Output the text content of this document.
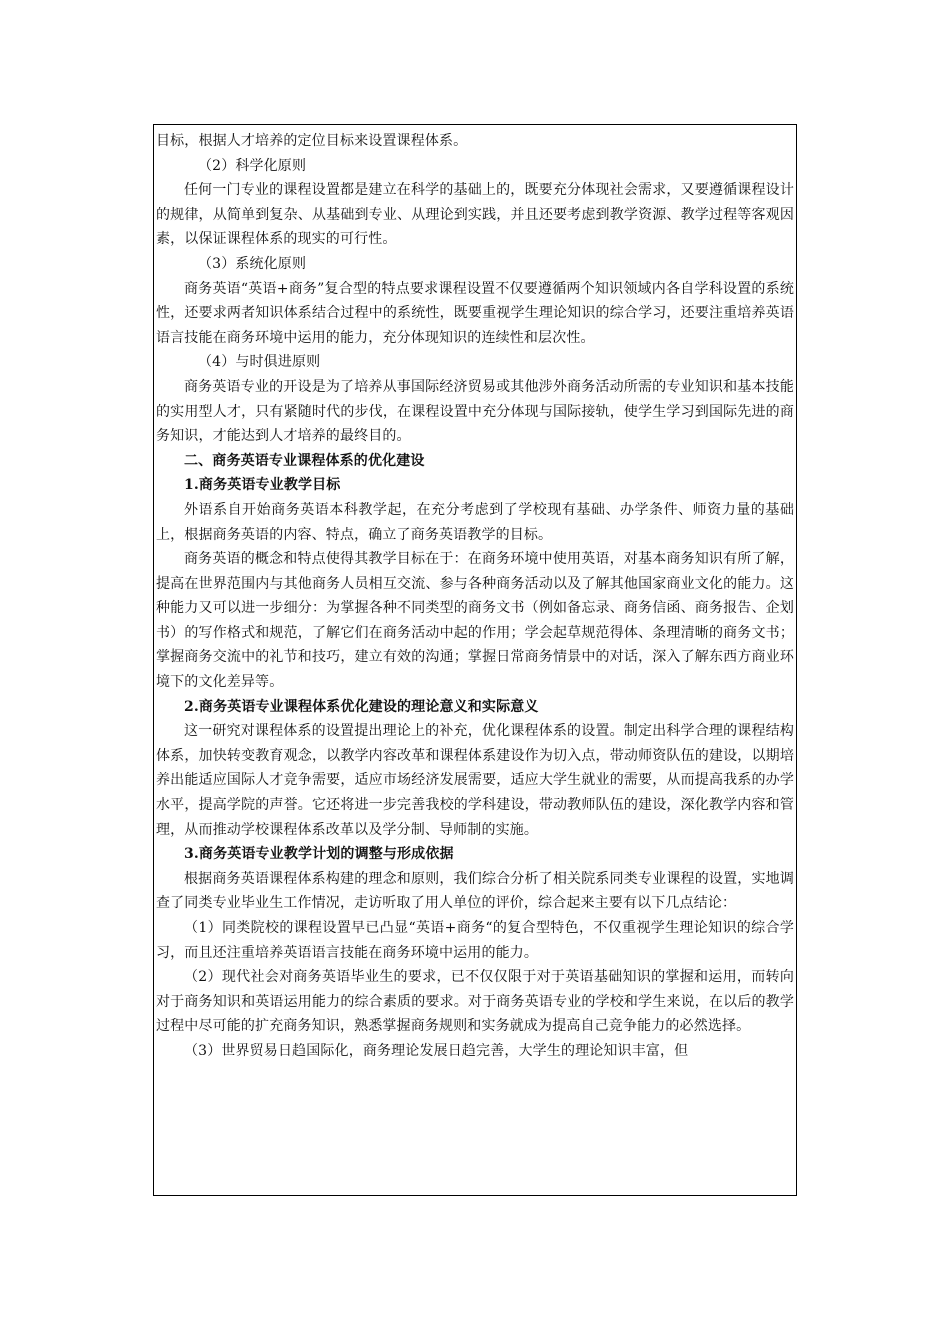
目标，根据人才培养的定位目标来设置课程体系。

（2）科学化原则

任何一门专业的课程设置都是建立在科学的基础上的，既要充分体现社会需求，又要遵循课程设计的规律，从简单到复杂、从基础到专业、从理论到实践，并且还要考虑到教学资源、教学过程等客观因素，以保证课程体系的现实的可行性。

（3）系统化原则

商务英语“英语+商务”复合型的特点要求课程设置不仅要遵循两个知识领域内各自学科设置的系统性，还要求两者知识体系结合过程中的系统性，既要重视学生理论知识的综合学习，还要注重培养英语语言技能在商务环境中运用的能力，充分体现知识的连续性和层次性。

（4）与时俱进原则

商务英语专业的开设是为了培养从事国际经济贸易或其他涉外商务活动所需的专业知识和基本技能的实用型人才，只有紧随时代的步伐，在课程设置中充分体现与国际接轨，使学生学习到国际先进的商务知识，才能达到人才培养的最终目的。

二、商务英语专业课程体系的优化建设

1.商务英语专业教学目标

外语系自开始商务英语本科教学起，在充分考虑到了学校现有基础、办学条件、师资力量的基础上，根据商务英语的内容、特点，确立了商务英语教学的目标。

商务英语的概念和特点使得其教学目标在于：在商务环境中使用英语，对基本商务知识有所了解，提高在世界范围内与其他商务人员相互交流、参与各种商务活动以及了解其他国家商业文化的能力。这种能力又可以进一步细分：为掌握各种不同类型的商务文书（例如备忘录、商务信函、商务报告、企划书）的写作格式和规范，了解它们在商务活动中起的作用；学会起草规范得体、条理清晰的商务文书；掌握商务交流中的礼节和技巧，建立有效的沟通；掌握日常商务情景中的对话，深入了解东西方商业环境下的文化差异等。

2.商务英语专业课程体系优化建设的理论意义和实际意义

这一研究对课程体系的设置提出理论上的补充，优化课程体系的设置。制定出科学合理的课程结构体系，加快转变教育观念，以教学内容改革和课程体系建设作为切入点，带动师资队伍的建设，以期培养出能适应国际人才竞争需要，适应市场经济发展需要，适应大学生就业的需要，从而提高我系的办学水平，提高学院的声誉。它还将进一步完善我校的学科建设，带动教师队伍的建设，深化教学内容和管理，从而推动学校课程体系改革以及学分制、导师制的实施。

3.商务英语专业教学计划的调整与形成依据

根据商务英语课程体系构建的理念和原则，我们综合分析了相关院系同类专业课程的设置，实地调查了同类专业毕业生工作情况，走访听取了用人单位的评价，综合起来主要有以下几点结论：

（1）同类院校的课程设置早已凸显“英语+商务“的复合型特色，不仅重视学生理论知识的综合学习，而且还注重培养英语语言技能在商务环境中运用的能力。

（2）现代社会对商务英语毕业生的要求，已不仅仅限于对于英语基础知识的掌握和运用，而转向对于商务知识和英语运用能力的综合素质的要求。对于商务英语专业的学校和学生来说，在以后的教学过程中尽可能的扩充商务知识，熟悉掌握商务规则和实务就成为提高自己竞争能力的必然选择。

（3）世界贸易日趋国际化，商务理论发展日趋完善，大学生的理论知识丰富，但
